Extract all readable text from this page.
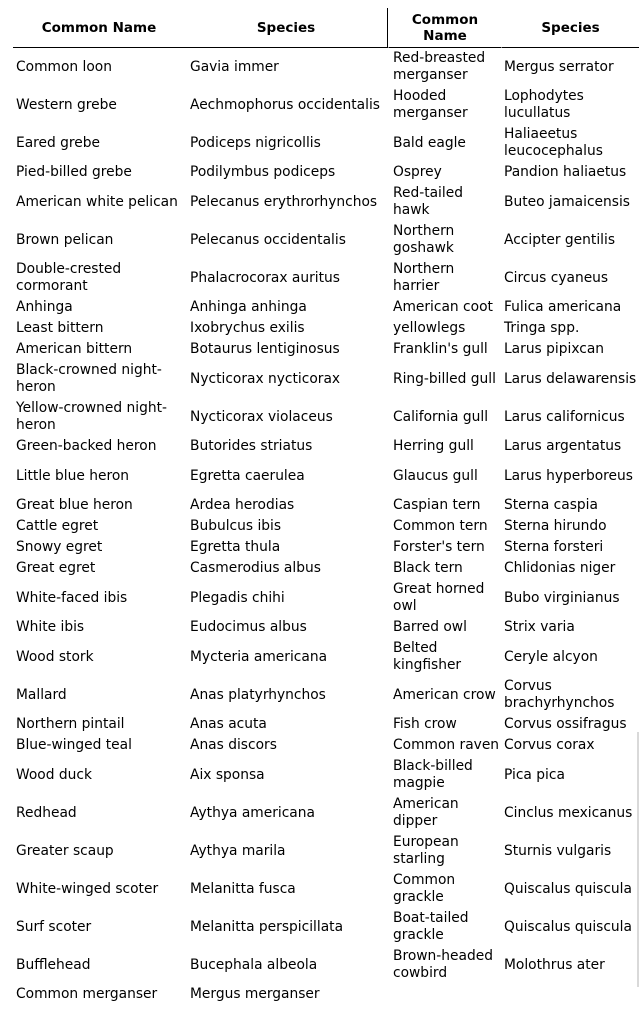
Common Name	Species	Common Name	Species
Common loon	Gavia immer	Red-breasted merganser	Mergus serrator
Western grebe	Aechmophorus occidentalis	Hooded merganser	Lophodytes lucullatus
Eared grebe	Podiceps nigricollis	Bald eagle	Haliaeetus leucocephalus
Pied-billed grebe	Podilymbus podiceps	Osprey	Pandion haliaetus
American white pelican	Pelecanus erythrorhynchos	Red-tailed hawk	Buteo jamaicensis
Brown pelican	Pelecanus occidentalis	Northern goshawk	Accipter gentilis
Double-crested cormorant	Phalacrocorax auritus	Northern harrier	Circus cyaneus
Anhinga	Anhinga anhinga	American coot	Fulica americana
Least bittern	Ixobrychus exilis	yellowlegs	Tringa spp.
American bittern	Botaurus lentiginosus	Franklin's gull	Larus pipixcan
Black-crowned night-heron	Nycticorax nycticorax	Ring-billed gull	Larus delawarensis
Yellow-crowned night-heron	Nycticorax violaceus	California gull	Larus californicus
Green-backed heron	Butorides striatus	Herring gull	Larus argentatus
Little blue heron	Egretta caerulea	Glaucus gull	Larus hyperboreus
Great blue heron	Ardea herodias	Caspian tern	Sterna caspia
Cattle egret	Bubulcus ibis	Common tern	Sterna hirundo
Snowy egret	Egretta thula	Forster's tern	Sterna forsteri
Great egret	Casmerodius albus	Black tern	Chlidonias niger
White-faced ibis	Plegadis chihi	Great horned owl	Bubo virginianus
White ibis	Eudocimus albus	Barred owl	Strix varia
Wood stork	Mycteria americana	Belted kingfisher	Ceryle alcyon
Mallard	Anas platyrhynchos	American crow	Corvus brachyrhynchos
Northern pintail	Anas acuta	Fish crow	Corvus ossifragus
Blue-winged teal	Anas discors	Common raven	Corvus corax
Wood duck	Aix sponsa	Black-billed magpie	Pica pica
Redhead	Aythya americana	American dipper	Cinclus mexicanus
Greater scaup	Aythya marila	European starling	Sturnis vulgaris
White-winged scoter	Melanitta fusca	Common grackle	Quiscalus quiscula
Surf scoter	Melanitta perspicillata	Boat-tailed grackle	Quiscalus quiscula
Bufflehead	Bucephala albeola	Brown-headed cowbird	Molothrus ater
Common merganser	Mergus merganser		
